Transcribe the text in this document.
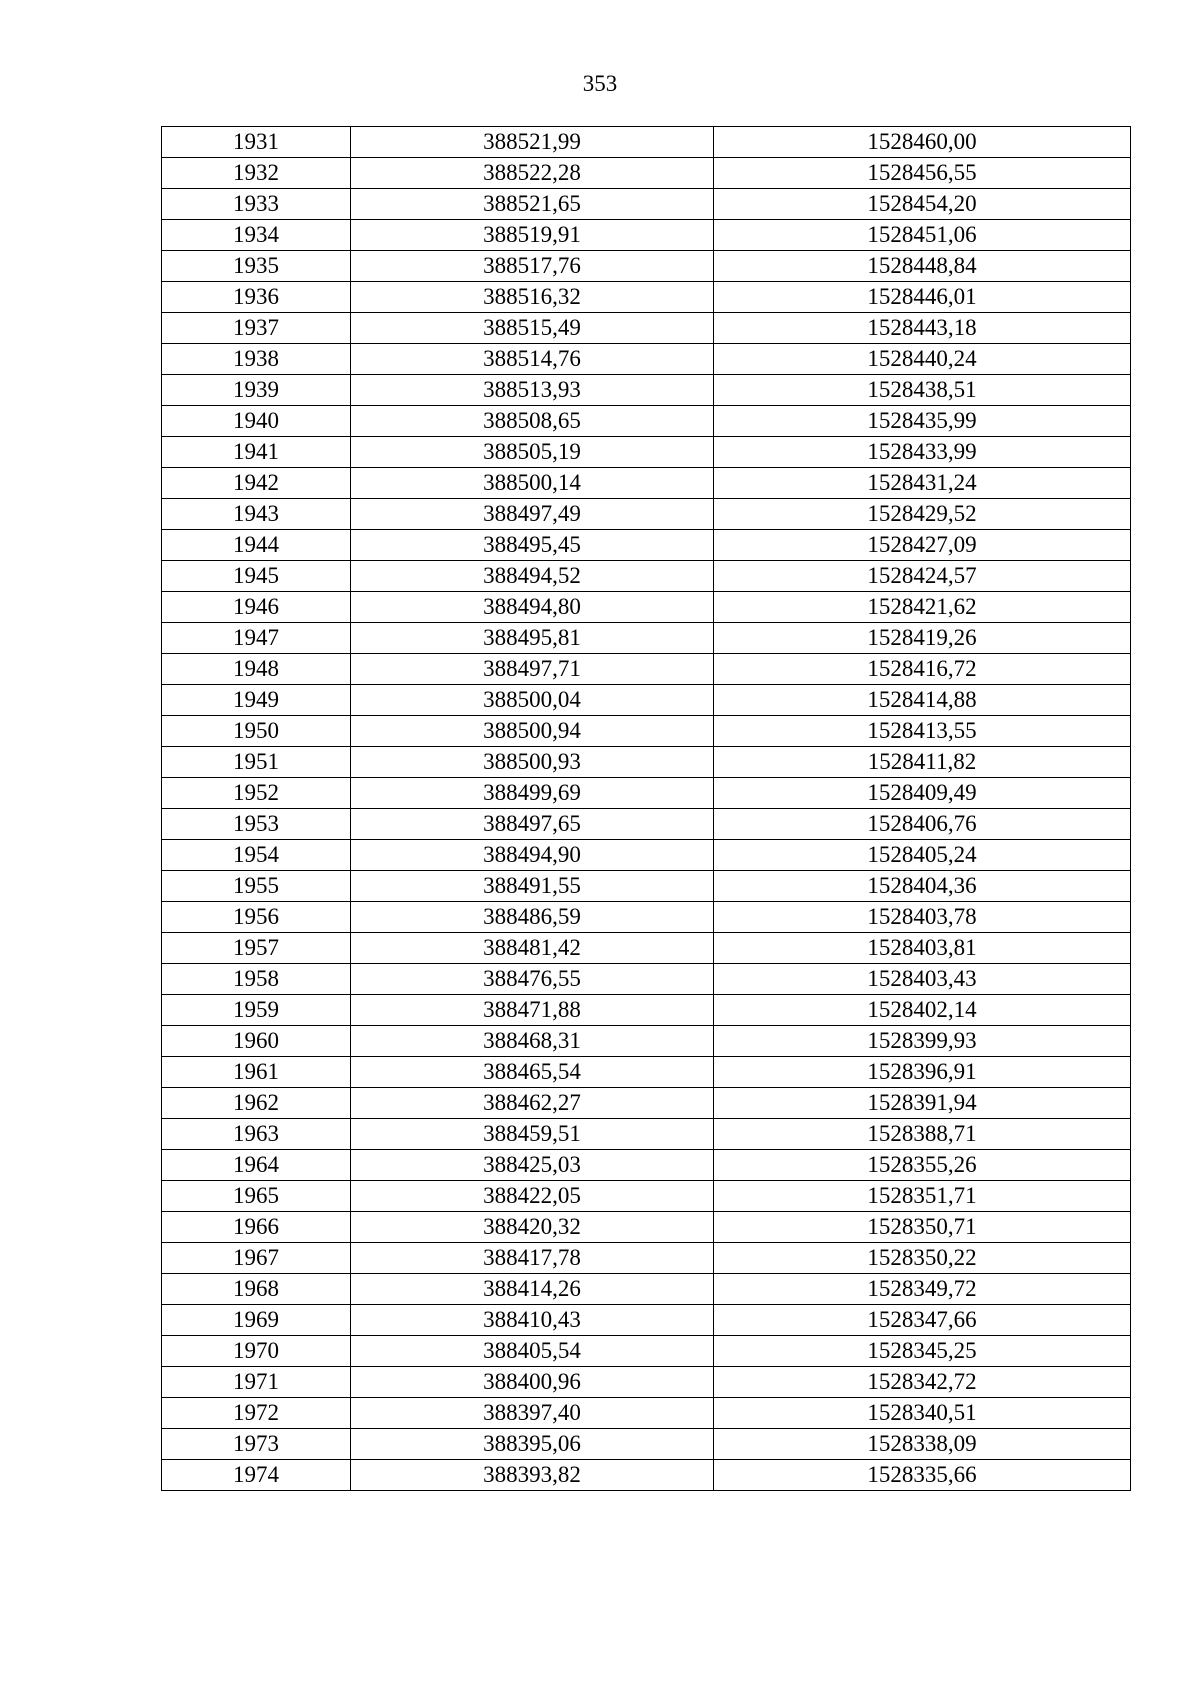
353
1931	388521,99	1528460,00
1932	388522,28	1528456,55
1933	388521,65	1528454,20
1934	388519,91	1528451,06
1935	388517,76	1528448,84
1936	388516,32	1528446,01
1937	388515,49	1528443,18
1938	388514,76	1528440,24
1939	388513,93	1528438,51
1940	388508,65	1528435,99
1941	388505,19	1528433,99
1942	388500,14	1528431,24
1943	388497,49	1528429,52
1944	388495,45	1528427,09
1945	388494,52	1528424,57
1946	388494,80	1528421,62
1947	388495,81	1528419,26
1948	388497,71	1528416,72
1949	388500,04	1528414,88
1950	388500,94	1528413,55
1951	388500,93	1528411,82
1952	388499,69	1528409,49
1953	388497,65	1528406,76
1954	388494,90	1528405,24
1955	388491,55	1528404,36
1956	388486,59	1528403,78
1957	388481,42	1528403,81
1958	388476,55	1528403,43
1959	388471,88	1528402,14
1960	388468,31	1528399,93
1961	388465,54	1528396,91
1962	388462,27	1528391,94
1963	388459,51	1528388,71
1964	388425,03	1528355,26
1965	388422,05	1528351,71
1966	388420,32	1528350,71
1967	388417,78	1528350,22
1968	388414,26	1528349,72
1969	388410,43	1528347,66
1970	388405,54	1528345,25
1971	388400,96	1528342,72
1972	388397,40	1528340,51
1973	388395,06	1528338,09
1974	388393,82	1528335,66
